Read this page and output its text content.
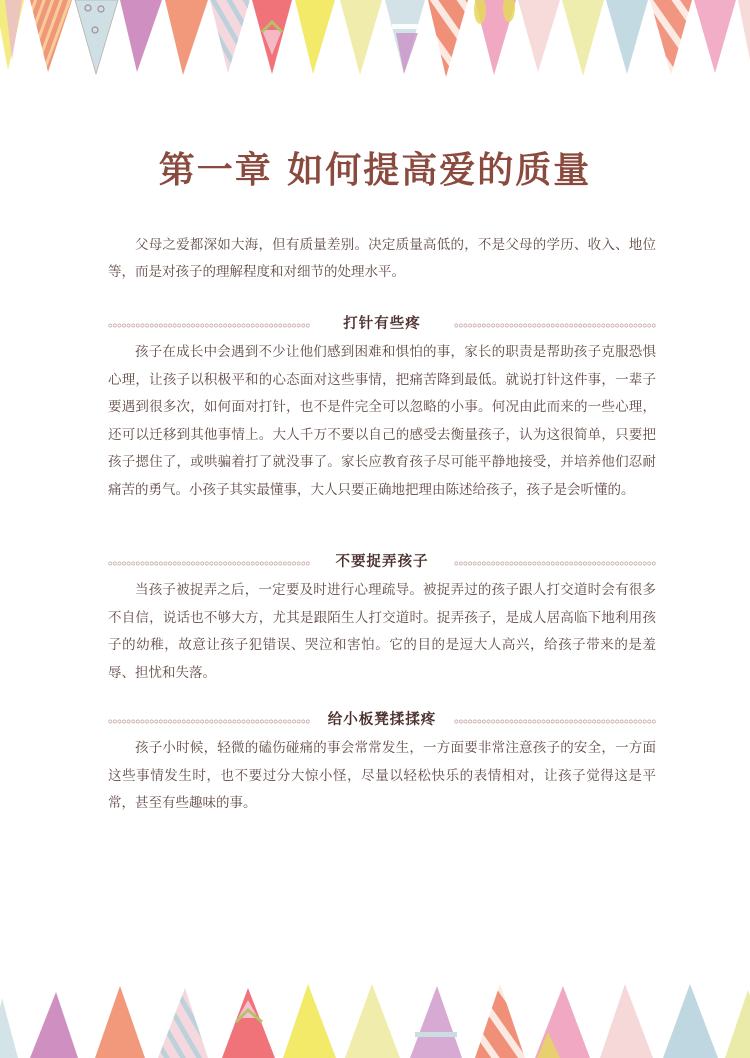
第一章 如何提高爱的质量

父母之爱都深如大海，但有质量差别。决定质量高低的，不是父母的学历、收入、地位等，而是对孩子的理解程度和对细节的处理水平。

打针有些疼

孩子在成长中会遇到不少让他们感到困难和惧怕的事，家长的职责是帮助孩子克服恐惧心理，让孩子以积极平和的心态面对这些事情，把痛苦降到最低。就说打针这件事，一辈子要遇到很多次，如何面对打针，也不是件完全可以忽略的小事。何况由此而来的一些心理，还可以迁移到其他事情上。大人千万不要以自己的感受去衡量孩子，认为这很简单，只要把孩子摁住了，或哄骗着打了就没事了。家长应教育孩子尽可能平静地接受，并培养他们忍耐痛苦的勇气。小孩子其实最懂事，大人只要正确地把理由陈述给孩子，孩子是会听懂的。

不要捉弄孩子

当孩子被捉弄之后，一定要及时进行心理疏导。被捉弄过的孩子跟人打交道时会有很多不自信，说话也不够大方，尤其是跟陌生人打交道时。捉弄孩子，是成人居高临下地利用孩子的幼稚，故意让孩子犯错误、哭泣和害怕。它的目的是逗大人高兴，给孩子带来的是羞辱、担忧和失落。

给小板凳揉揉疼

孩子小时候，轻微的磕伤碰痛的事会常常发生，一方面要非常注意孩子的安全，一方面这些事情发生时，也不要过分大惊小怪，尽量以轻松快乐的表情相对，让孩子觉得这是平常，甚至有些趣味的事。
